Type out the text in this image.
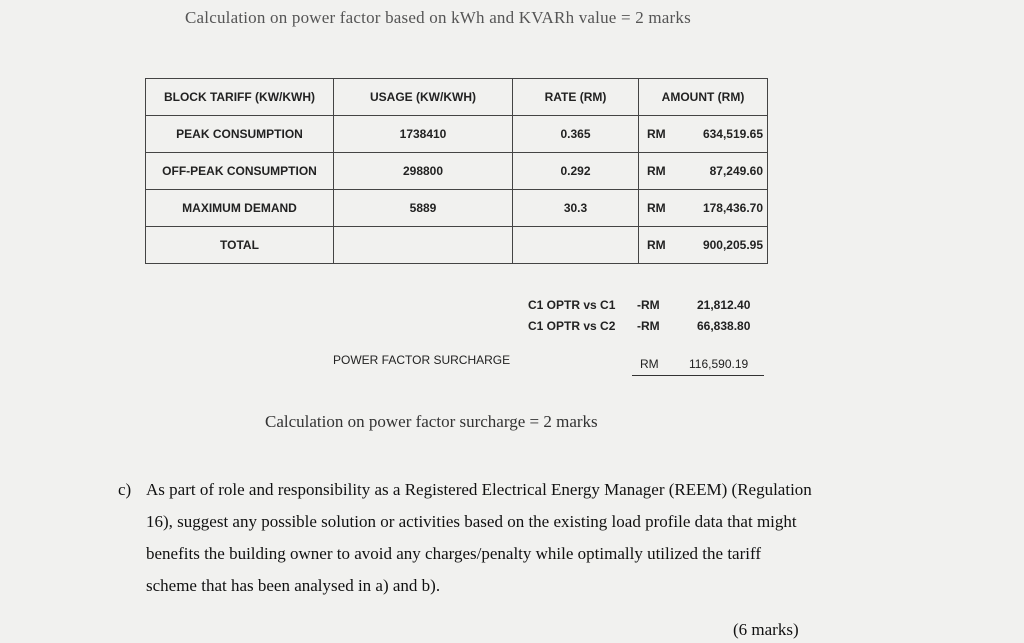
Calculation on power factor based on kWh and KVARh value = 2 marks
BLOCK TARIFF (KW/KWH)	USAGE (KW/KWH)	RATE (RM)	AMOUNT (RM)
PEAK CONSUMPTION	1738410	0.365	RM 634,519.65

OFF-PEAK CONSUMPTION	298800	0.292	RM 87,249.60

MAXIMUM DEMAND	5889	30.3	RM 178,436.70

TOTAL			RM 900,205.95
C1 OPTR vs C1 -RM	21,812.40
C1 OPTR vs C2 -RM	66,838.80
POWER FACTOR SURCHARGE	RM	116,590.19
Calculation on power factor surcharge = 2 marks
c) As part of role and responsibility as a Registered Electrical Energy Manager (REEM) (Regulation 16), suggest any possible solution or activities based on the existing load profile data that might benefits the building owner to avoid any charges/penalty while optimally utilized the tariff scheme that has been analysed in a) and b).
(6 marks)
